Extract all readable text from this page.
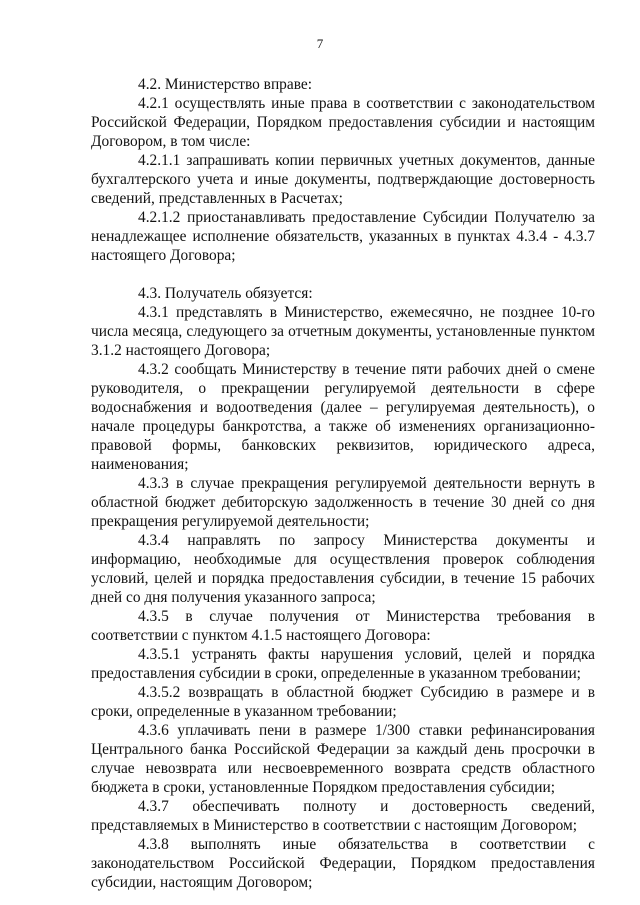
7

4.2. Министерство вправе:

4.2.1 осуществлять иные права в соответствии с законодательством Российской Федерации, Порядком предоставления субсидии и настоящим Договором, в том числе:

4.2.1.1 запрашивать копии первичных учетных документов, данные бухгалтерского учета и иные документы, подтверждающие достоверность сведений, представленных в Расчетах;

4.2.1.2 приостанавливать предоставление Субсидии Получателю за ненадлежащее исполнение обязательств, указанных в пунктах 4.3.4 - 4.3.7 настоящего Договора;

4.3. Получатель обязуется:

4.3.1 представлять в Министерство, ежемесячно, не позднее 10-го числа месяца, следующего за отчетным документы, установленные пунктом 3.1.2 настоящего Договора;

4.3.2 сообщать Министерству в течение пяти рабочих дней о смене руководителя, о прекращении регулируемой деятельности в сфере водоснабжения и водоотведения (далее – регулируемая деятельность), о начале процедуры банкротства, а также об изменениях организационно-правовой формы, банковских реквизитов, юридического адреса, наименования;

4.3.3 в случае прекращения регулируемой деятельности вернуть в областной бюджет дебиторскую задолженность в течение 30 дней со дня прекращения регулируемой деятельности;

4.3.4 направлять по запросу Министерства документы и информацию, необходимые для осуществления проверок соблюдения условий, целей и порядка предоставления субсидии, в течение 15 рабочих дней со дня получения указанного запроса;

4.3.5 в случае получения от Министерства требования в соответствии с пунктом 4.1.5 настоящего Договора:

4.3.5.1 устранять факты нарушения условий, целей и порядка предоставления субсидии в сроки, определенные в указанном требовании;

4.3.5.2 возвращать в областной бюджет Субсидию в размере и в сроки, определенные в указанном требовании;

4.3.6 уплачивать пени в размере 1/300 ставки рефинансирования Центрального банка Российской Федерации за каждый день просрочки в случае невозврата или несвоевременного возврата средств областного бюджета в сроки, установленные Порядком предоставления субсидии;

4.3.7 обеспечивать полноту и достоверность сведений, представляемых в Министерство в соответствии с настоящим Договором;

4.3.8 выполнять иные обязательства в соответствии с законодательством Российской Федерации, Порядком предоставления субсидии, настоящим Договором;
